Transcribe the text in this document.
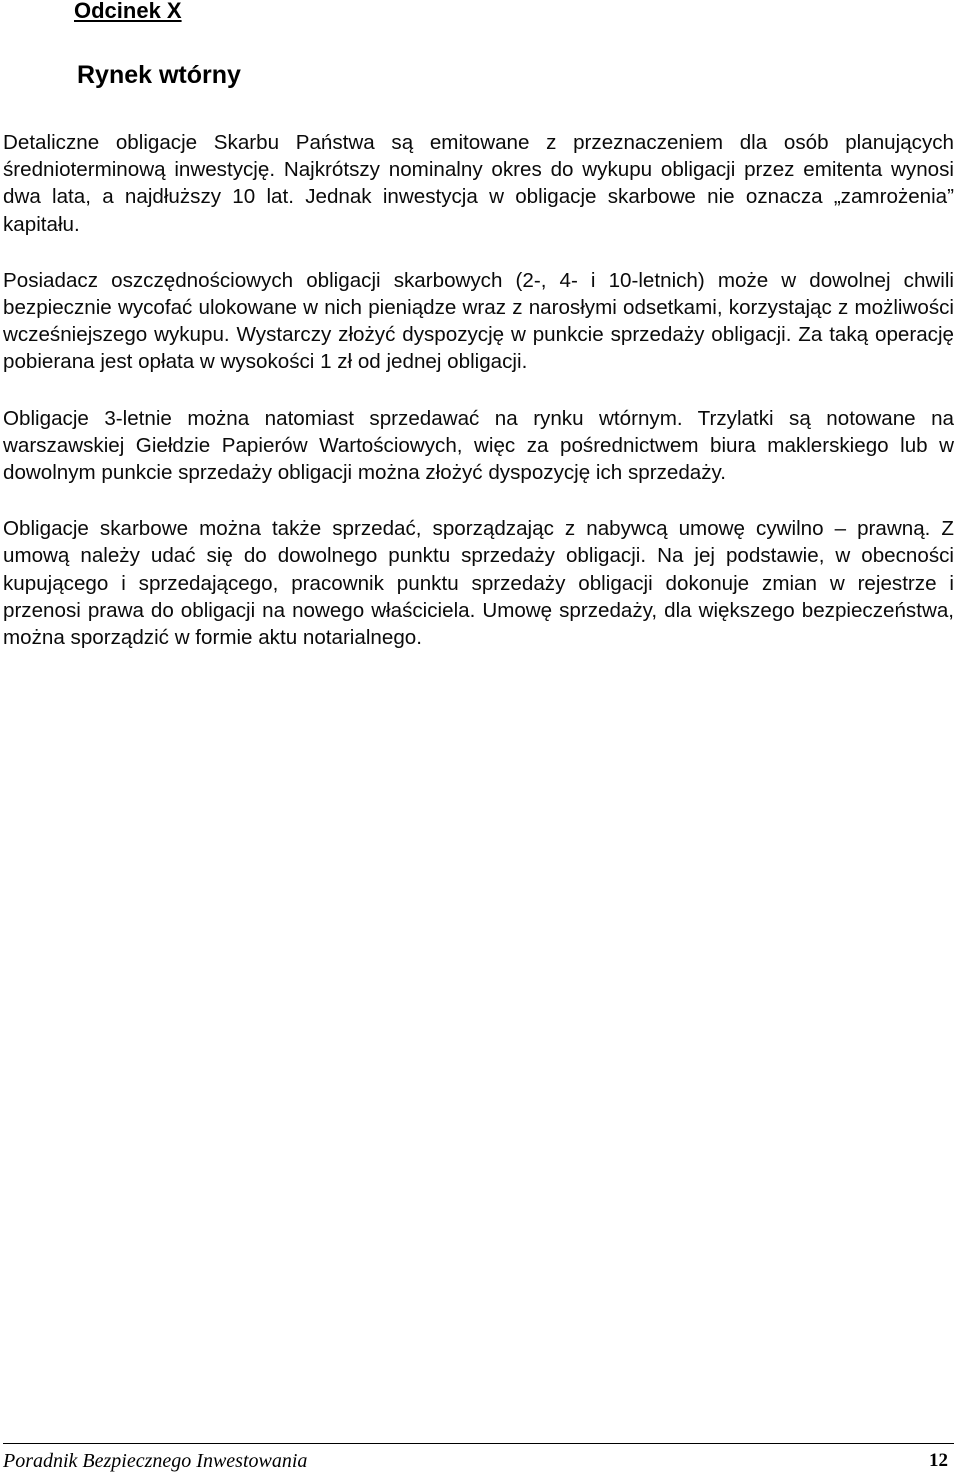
Odcinek X
Rynek wtórny

Detaliczne obligacje Skarbu Państwa są emitowane z przeznaczeniem dla osób planujących średnioterminową inwestycję. Najkrótszy nominalny okres do wykupu obligacji przez emitenta wynosi dwa lata, a najdłuższy 10 lat. Jednak inwestycja w obligacje skarbowe nie oznacza „zamrożenia” kapitału.

Posiadacz oszczędnościowych obligacji skarbowych (2-, 4- i 10-letnich) może w dowolnej chwili bezpiecznie wycofać ulokowane w nich pieniądze wraz z narosłymi odsetkami, korzystając z możliwości wcześniejszego wykupu. Wystarczy złożyć dyspozycję w punkcie sprzedaży obligacji. Za taką operację pobierana jest opłata w wysokości 1 zł od jednej obligacji.

Obligacje 3-letnie można natomiast sprzedawać na rynku wtórnym. Trzylatki są notowane na warszawskiej Giełdzie Papierów Wartościowych, więc za pośrednictwem biura maklerskiego lub w dowolnym punkcie sprzedaży obligacji można złożyć dyspozycję ich sprzedaży.

Obligacje skarbowe można także sprzedać, sporządzając z nabywcą umowę cywilno – prawną. Z umową należy udać się do dowolnego punktu sprzedaży obligacji. Na jej podstawie, w obecności kupującego i sprzedającego, pracownik punktu sprzedaży obligacji dokonuje zmian w rejestrze i przenosi prawa do obligacji na nowego właściciela. Umowę sprzedaży, dla większego bezpieczeństwa, można sporządzić w formie aktu notarialnego.

Poradnik Bezpiecznego Inwestowania	12
